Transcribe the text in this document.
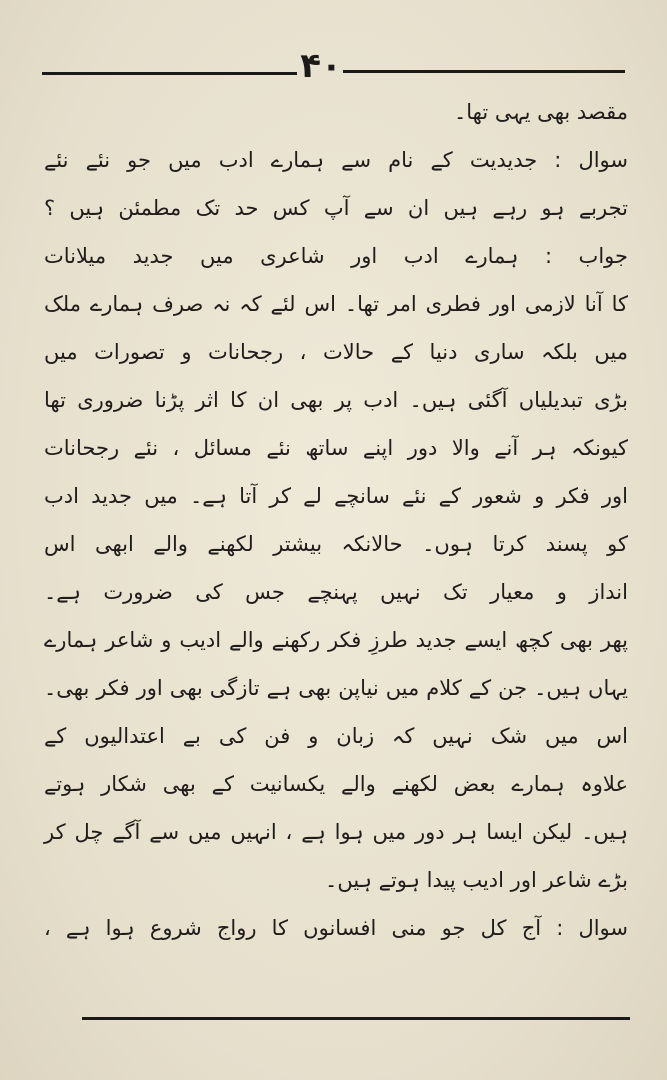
۴۰
مقصد بھی یہی تھا۔
سوال : جدیدیت کے نام سے ہمارے ادب میں جو نئے نئے
تجربے ہو رہے ہیں ان سے آپ کس حد تک مطمئن ہیں ؟
جواب : ہمارے ادب اور شاعری میں جدید میلانات
کا آنا لازمی اور فطری امر تھا۔ اس لئے کہ نہ صرف ہمارے ملک
میں بلکہ ساری دنیا کے حالات ، رجحانات و تصورات میں
بڑی تبدیلیاں آگئی ہیں۔ ادب پر بھی ان کا اثر پڑنا ضروری تھا
کیونکہ ہر آنے والا دور اپنے ساتھ نئے مسائل ، نئے رجحانات
اور فکر و شعور کے نئے سانچے لے کر آتا ہے۔ میں جدید ادب
کو پسند کرتا ہوں۔ حالانکہ بیشتر لکھنے والے ابھی اس
انداز و معیار تک نہیں پہنچے جس کی ضرورت ہے۔
پھر بھی کچھ ایسے جدید طرزِ فکر رکھنے والے ادیب و شاعر ہمارے
یہاں ہیں۔ جن کے کلام میں نیاپن بھی ہے تازگی بھی اور فکر بھی۔
اس میں شک نہیں کہ زبان و فن کی بے اعتدالیوں کے
علاوہ ہمارے بعض لکھنے والے یکسانیت کے بھی شکار ہوتے
ہیں۔ لیکن ایسا ہر دور میں ہوا ہے ، انہیں میں سے آگے چل کر
بڑے شاعر اور ادیب پیدا ہوتے ہیں۔
سوال : آج کل جو منی افسانوں کا رواج شروع ہوا ہے ،
